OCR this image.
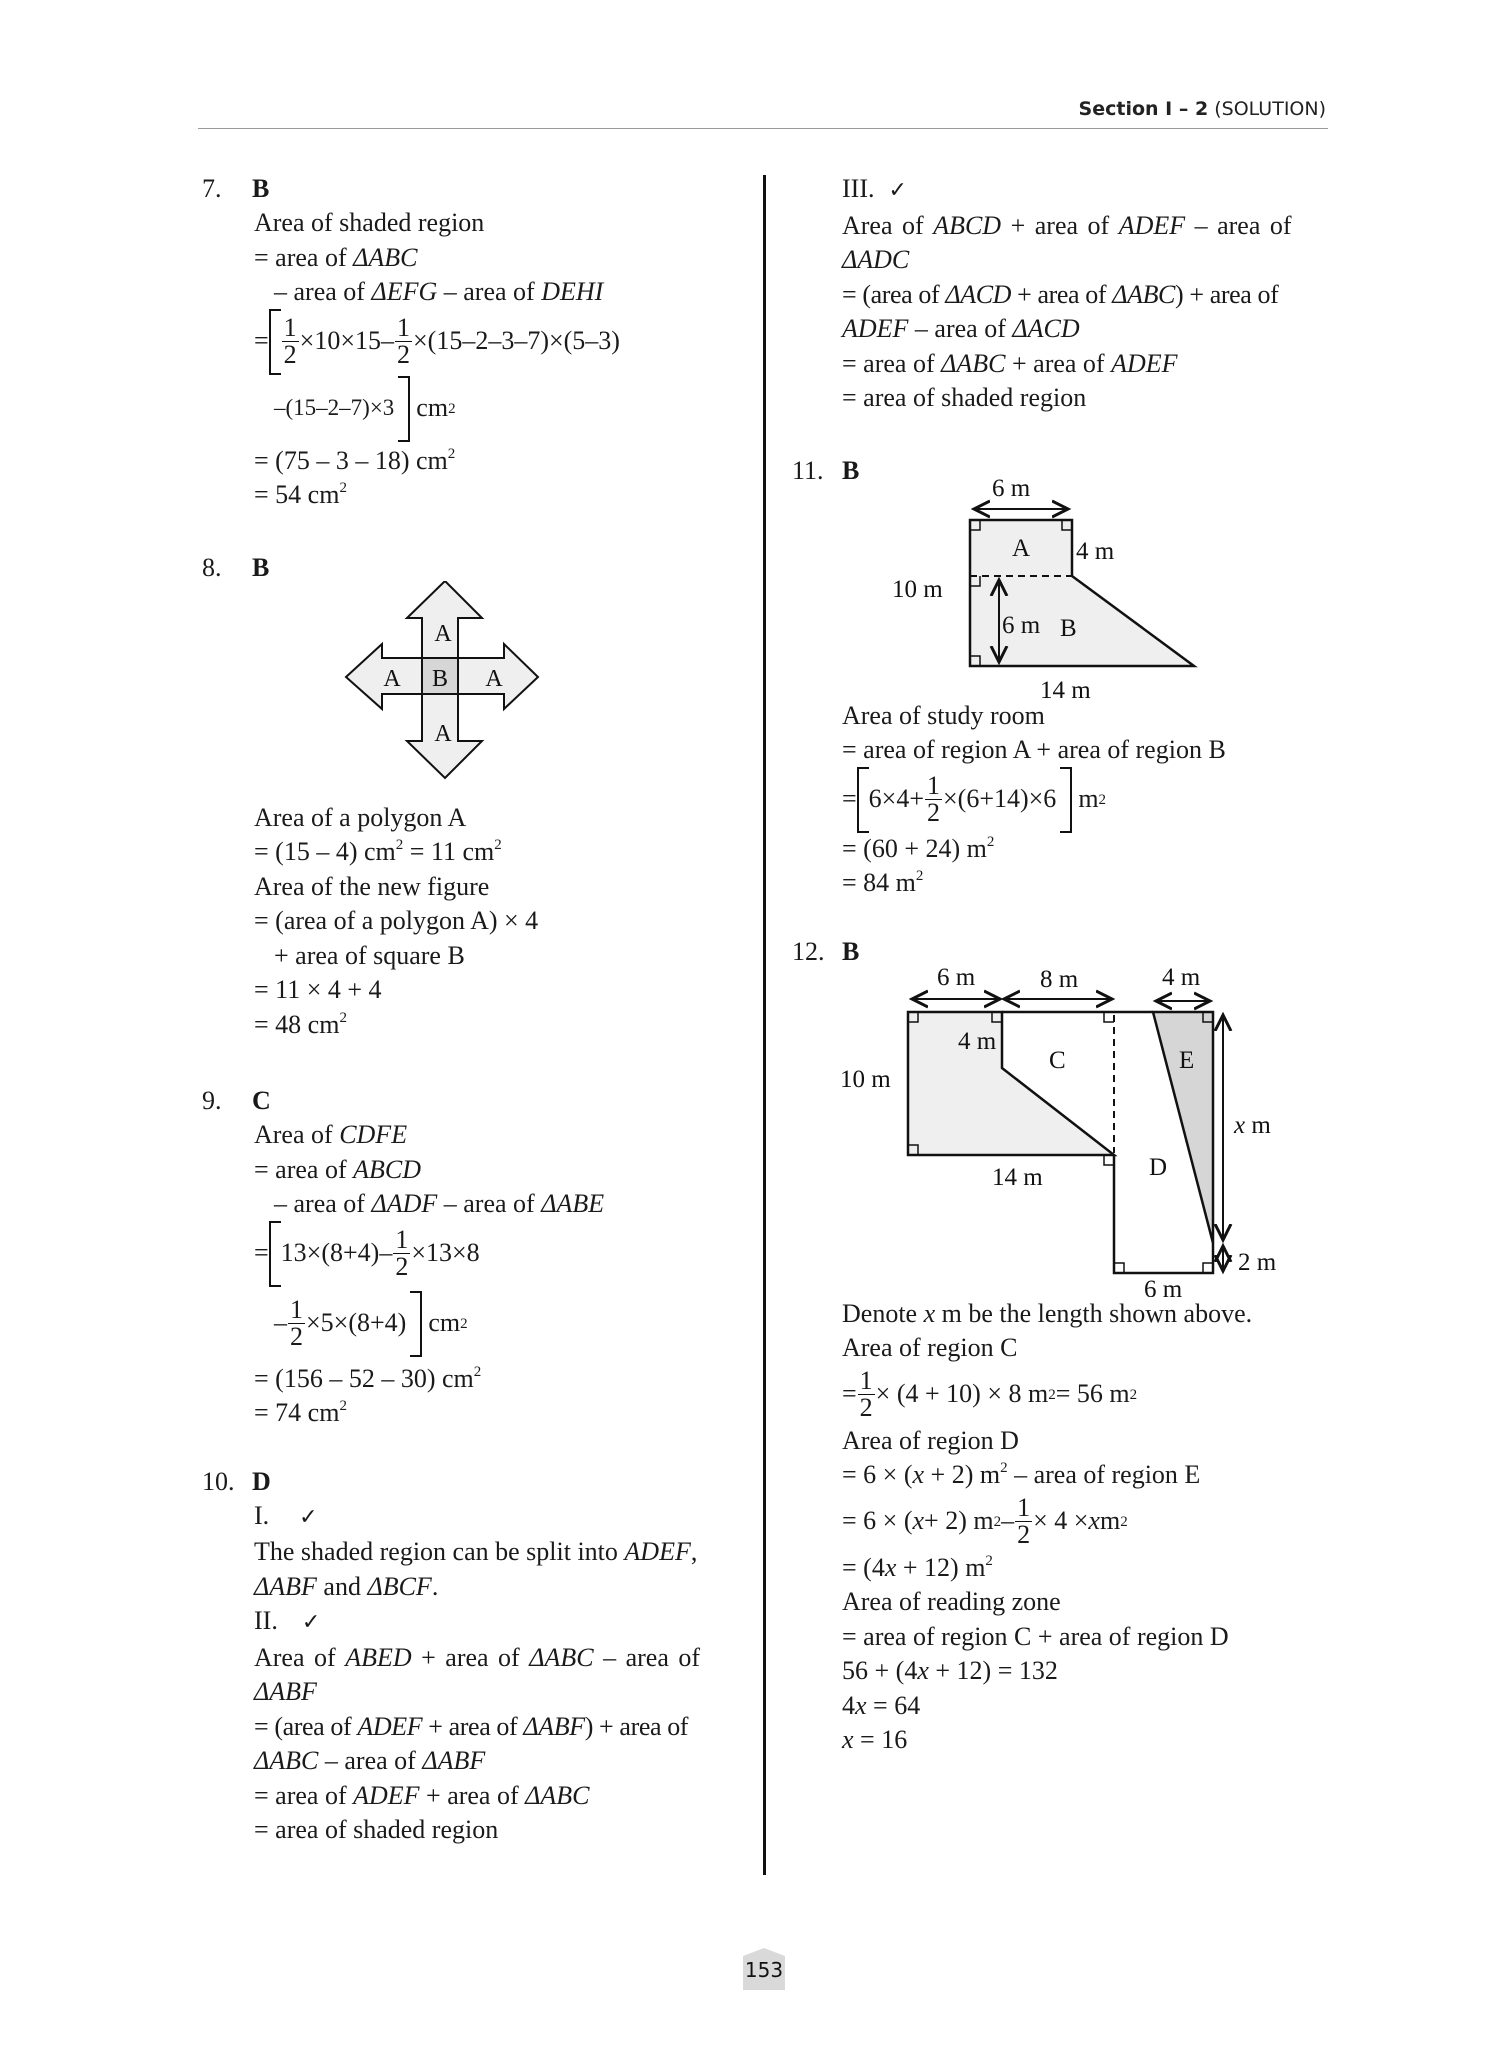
Section I – 2 (SOLUTION)
7. B
Area of shaded region
= area of ΔABC
– area of ΔEFG – area of DEHI
= $\frac{1}{2} \times 10\times 15- \frac{1}{2} \times(15-2-3-7)\times(5-3)$
–(15–2–7)×3 cm 2
= (75 – 3 – 18) $cm^2$
= 54 $cm^2$
8. B
A
A
A	A
B
Area of a polygon A
= (15 – 4) $cm^2 = 11$ $cm^2$
Area of the new figure
= (area of a polygon A) × 4
+ area of square B
= 11 × 4 + 4
= 48 $cm^2$
9. C
Area of CDFE
= area of ABCD
– area of ΔADF – area of ΔABE
= $13\times(8+4)- \frac{1}{2} \times 13\times 8$
– $\frac{1}{2} \times 5\times(8+4)$ cm 2
= (156 – 52 – 30) $cm^2$
= 74 $cm^2$
10. D
I. ✓
The shaded region can be split into ADEF,
ΔABF and ΔBCF.
II. ✓
Area of ABED + area of ΔABC – area of
ΔABF
= (area of ADEF + area of ΔABF) + area of
ΔABC – area of ΔABF
= area of ADEF + area of ΔABC
= area of shaded region
III. ✓
Area of ABCD + area of ADEF – area of
ΔADC
= (area of ΔACD + area of ΔABC) + area of
ADEF – area of ΔACD
= area of ΔABC + area of ADEF
= area of shaded region
11. B
6 m
4 m
10 m
6 m
14 m
A
B
Area of study room
= area of region A + area of region B
= $6\times 4+ \frac{1}{2} \times(6+14)\times 6$ m 2
= (60 + 24) $m^2$
= 84 $m^2$
12. B
6 m	8 m	4 m
4 m
10 m
14 m
6 m
x m
2 m
C
D
E
Denote x m be the length shown above.
Area of region C
= $\frac{1}{2} \times (4 + 10) \times 8$ m 2 = 56 m 2
Area of region D
= 6 × (x + 2) $m^2$ – area of region E
= 6 × ( x + 2) m $2 - \frac{1}{2} \times 4 \times x$ m 2
= (4x + 12) $m^2$
Area of reading zone
= area of region C + area of region D
56 + (4x + 12) = 132
4x = 64
x = 16
153
